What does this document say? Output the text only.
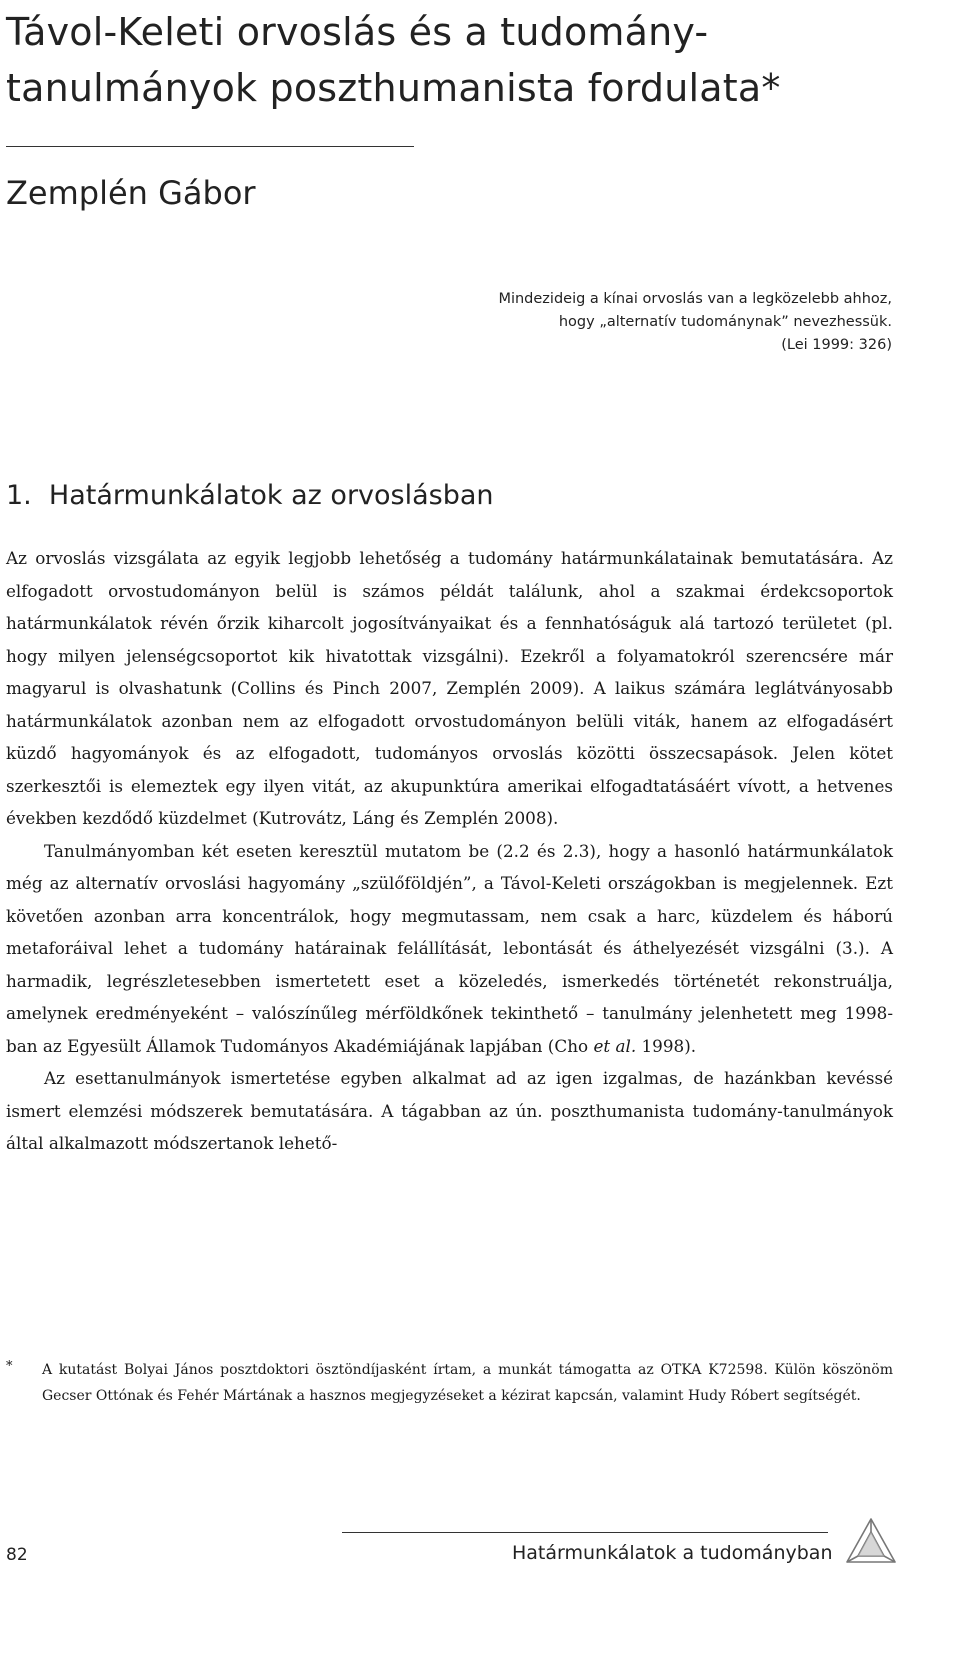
Távol-Keleti orvoslás és a tudomány-
tanulmányok poszthumanista fordulata*
Zemplén Gábor
Mindezideig a kínai orvoslás van a legközelebb ahhoz,
hogy „alternatív tudománynak” nevezhessük.
(Lei 1999: 326)
1.  Határmunkálatok az orvoslásban

Az orvoslás vizsgálata az egyik legjobb lehetőség a tudomány határmunkálatainak bemutatására. Az elfogadott orvostudományon belül is számos példát találunk, ahol a szakmai érdekcsoportok határmunkálatok révén őrzik kiharcolt jogosítványaikat és a fennhatóságuk alá tartozó területet (pl. hogy milyen jelenségcsoportot kik hivatottak vizsgálni). Ezekről a folyamatokról szerencsére már magyarul is olvashatunk (Collins és Pinch 2007, Zemplén 2009). A laikus számára leglátványosabb határmunkálatok azonban nem az elfogadott orvostudományon belüli viták, hanem az elfogadásért küzdő hagyományok és az elfogadott, tudományos orvoslás közötti összecsapások. Jelen kötet szerkesztői is elemeztek egy ilyen vitát, az akupunktúra amerikai elfogadtatásáért vívott, a hetvenes években kezdődő küzdelmet (Kutrovátz, Láng és Zemplén 2008).

Tanulmányomban két eseten keresztül mutatom be (2.2 és 2.3), hogy a hasonló határmunkálatok még az alternatív orvoslási hagyomány „szülőföldjén”, a Távol-Keleti országokban is megjelennek. Ezt követően azonban arra koncentrálok, hogy megmutassam, nem csak a harc, küzdelem és háború metaforáival lehet a tudomány határainak felállítását, lebontását és áthelyezését vizsgálni (3.). A harmadik, legrészletesebben ismertetett eset a közeledés, ismerkedés történetét rekonstruálja, amelynek eredményeként – valószínűleg mérföldkőnek tekinthető – tanulmány jelenhetett meg 1998-ban az Egyesült Államok Tudományos Akadémiájának lapjában (Cho et al. 1998).

Az esettanulmányok ismertetése egyben alkalmat ad az igen izgalmas, de hazánkban kevéssé ismert elemzési módszerek bemutatására. A tágabban az ún. poszthumanista tudomány-tanulmányok által alkalmazott módszertanok lehető-

* A kutatást Bolyai János posztdoktori ösztöndíjasként írtam, a munkát támogatta az OTKA K72598. Külön köszönöm Gecser Ottónak és Fehér Mártának a hasznos megjegyzéseket a kézirat kapcsán, valamint Hudy Róbert segítségét.
82	Határmunkálatok a tudományban
